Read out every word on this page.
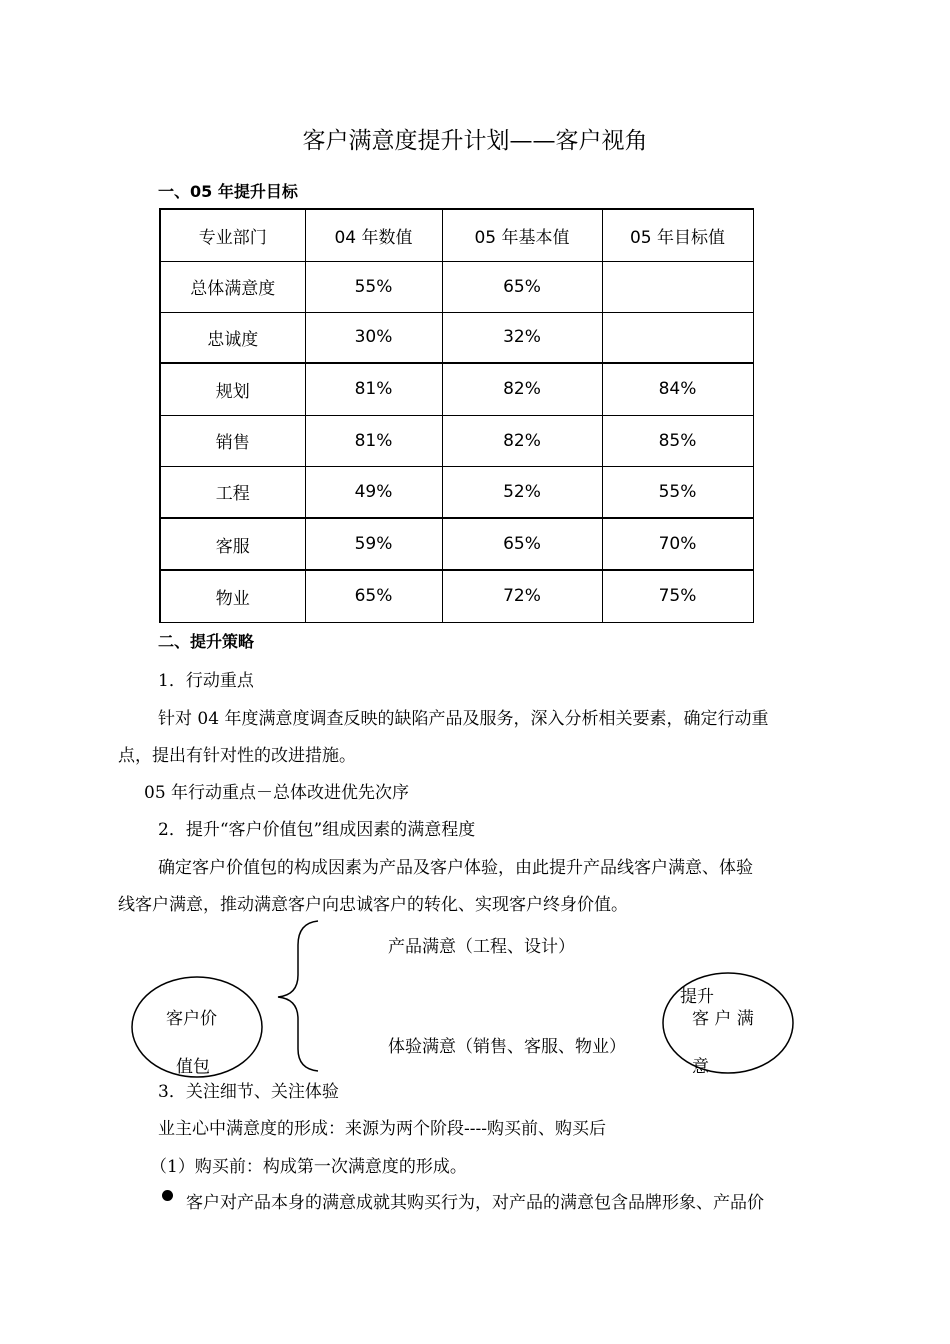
客户满意度提升计划——客户视角
一、05 年提升目标
专业部门	04 年数值	05 年基本值	05 年目标值
总体满意度	55%	65%	
忠诚度	30%	32%	
规划	81%	82%	84%
销售	81%	82%	85%
工程	49%	52%	55%
客服	59%	65%	70%
物业	65%	72%	75%
二、提升策略
1．行动重点
针对 04 年度满意度调查反映的缺陷产品及服务，深入分析相关要素，确定行动重
点，提出有针对性的改进措施。
05 年行动重点－总体改进优先次序
2．提升“客户价值包”组成因素的满意程度
确定客户价值包的构成因素为产品及客户体验，由此提升产品线客户满意、体验
线客户满意，推动满意客户向忠诚客户的转化、实现客户终身价值。
客户价
值包
产品满意（工程、设计）
体验满意（销售、客服、物业）
提升
客 户 满
意
3．关注细节、关注体验
业主心中满意度的形成：来源为两个阶段----购买前、购买后
（1）购买前：构成第一次满意度的形成。
客户对产品本身的满意成就其购买行为，对产品的满意包含品牌形象、产品价
